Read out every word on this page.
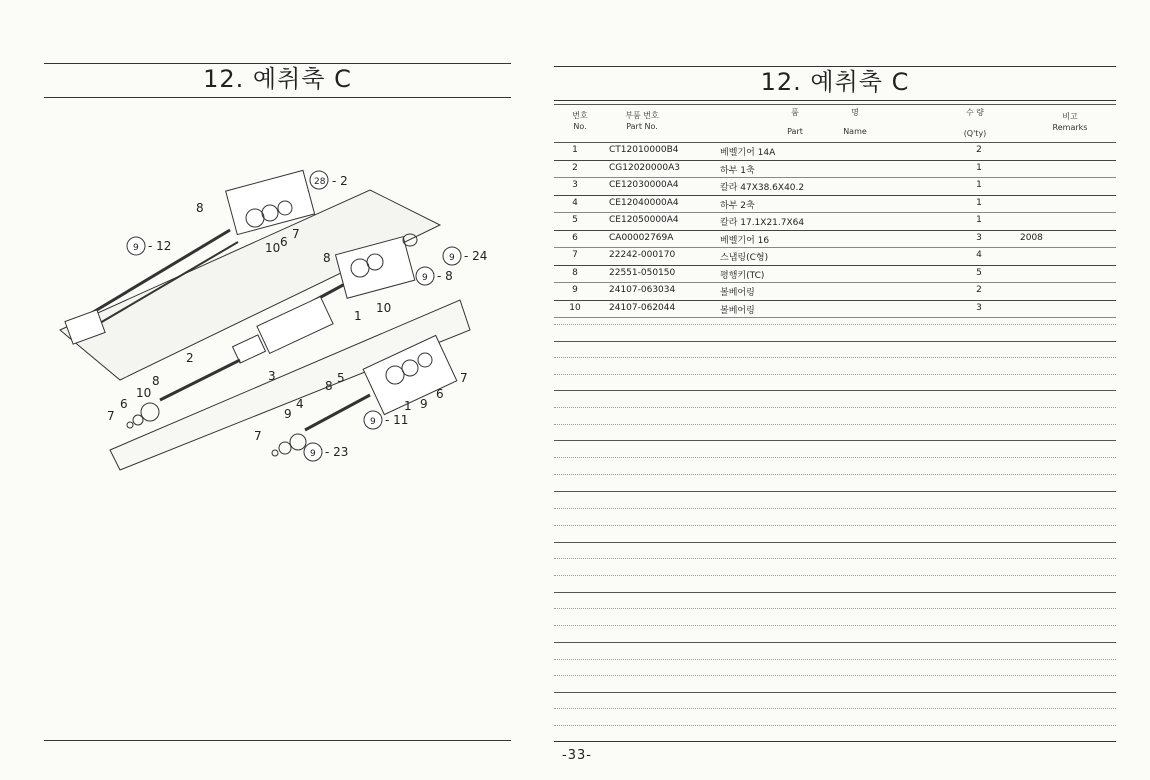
12. 예취축 C
28 - 2
8
9 - 12	10 6
7
9 - 24
9 - 8
8
1
10
2
3
10
8
6
7
5
8
4
9
7
9 - 23
9 - 11
1 9
6
7
12. 예취축 C
번호
No.
부품 번호
Part No.
품	명
Part	Name
수 량
(Q'ty)
비고
Remarks
1	CT12010000B4	베벨기어 14A	2
2	CG12020000A3	하부 1축	1
3	CE12030000A4	칼라 47X38.6X40.2	1
4	CE12040000A4	하부 2축	1
5	CE12050000A4	칼라 17.1X21.7X64	1
6	CA00002769A	베벨기어 16	3	2008
7	22242-000170	스냅링(C형)	4
8	22551-050150	평행키(TC)	5
9	24107-063034	볼베어링	2
10	24107-062044	볼베어링	3
-33-
